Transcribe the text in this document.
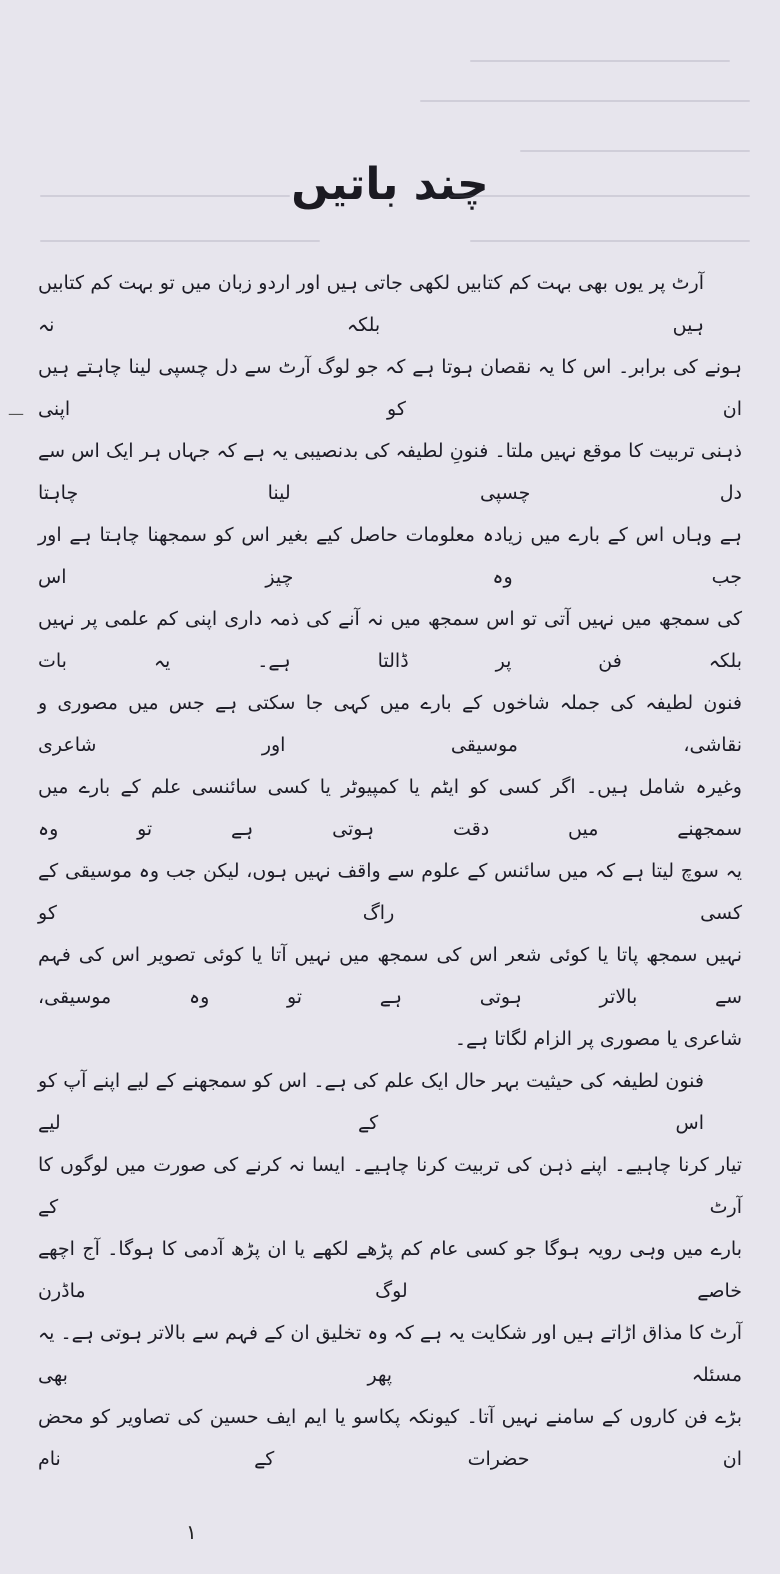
—
چند باتیں
آرٹ پر یوں بھی بہت کم کتابیں لکھی جاتی ہیں اور اردو زبان میں تو بہت کم کتابیں ہیں بلکہ نہ
ہونے کی برابر۔ اس کا یہ نقصان ہوتا ہے کہ جو لوگ آرٹ سے دل چسپی لینا چاہتے ہیں ان کو اپنی
ذہنی تربیت کا موقع نہیں ملتا۔ فنونِ لطیفہ کی بدنصیبی یہ ہے کہ جہاں ہر ایک اس سے دل چسپی لینا چاہتا
ہے وہاں اس کے بارے میں زیادہ معلومات حاصل کیے بغیر اس کو سمجھنا چاہتا ہے اور جب وہ چیز اس
کی سمجھ میں نہیں آتی تو اس سمجھ میں نہ آنے کی ذمہ داری اپنی کم علمی پر نہیں بلکہ فن پر ڈالتا ہے۔ یہ بات
فنون لطیفہ کی جملہ شاخوں کے بارے میں کہی جا سکتی ہے جس میں مصوری و نقاشی، موسیقی اور شاعری
وغیرہ شامل ہیں۔ اگر کسی کو ایٹم یا کمپیوٹر یا کسی سائنسی علم کے بارے میں سمجھنے میں دقت ہوتی ہے تو وہ
یہ سوچ لیتا ہے کہ میں سائنس کے علوم سے واقف نہیں ہوں، لیکن جب وہ موسیقی کے کسی راگ کو
نہیں سمجھ پاتا یا کوئی شعر اس کی سمجھ میں نہیں آتا یا کوئی تصویر اس کی فہم سے بالاتر ہوتی ہے تو وہ موسیقی،
شاعری یا مصوری پر الزام لگاتا ہے۔
فنون لطیفہ کی حیثیت بہر حال ایک علم کی ہے۔ اس کو سمجھنے کے لیے اپنے آپ کو اس کے لیے
تیار کرنا چاہیے۔ اپنے ذہن کی تربیت کرنا چاہیے۔ ایسا نہ کرنے کی صورت میں لوگوں کا آرٹ کے
بارے میں وہی رویہ ہوگا جو کسی عام کم پڑھے لکھے یا ان پڑھ آدمی کا ہوگا۔ آج اچھے خاصے لوگ ماڈرن
آرٹ کا مذاق اڑاتے ہیں اور شکایت یہ ہے کہ وہ تخلیق ان کے فہم سے بالاتر ہوتی ہے۔ یہ مسئلہ پھر بھی
بڑے فن کاروں کے سامنے نہیں آتا۔ کیونکہ پکاسو یا ایم ایف حسین کی تصاویر کو محض ان حضرات کے نام
۱
